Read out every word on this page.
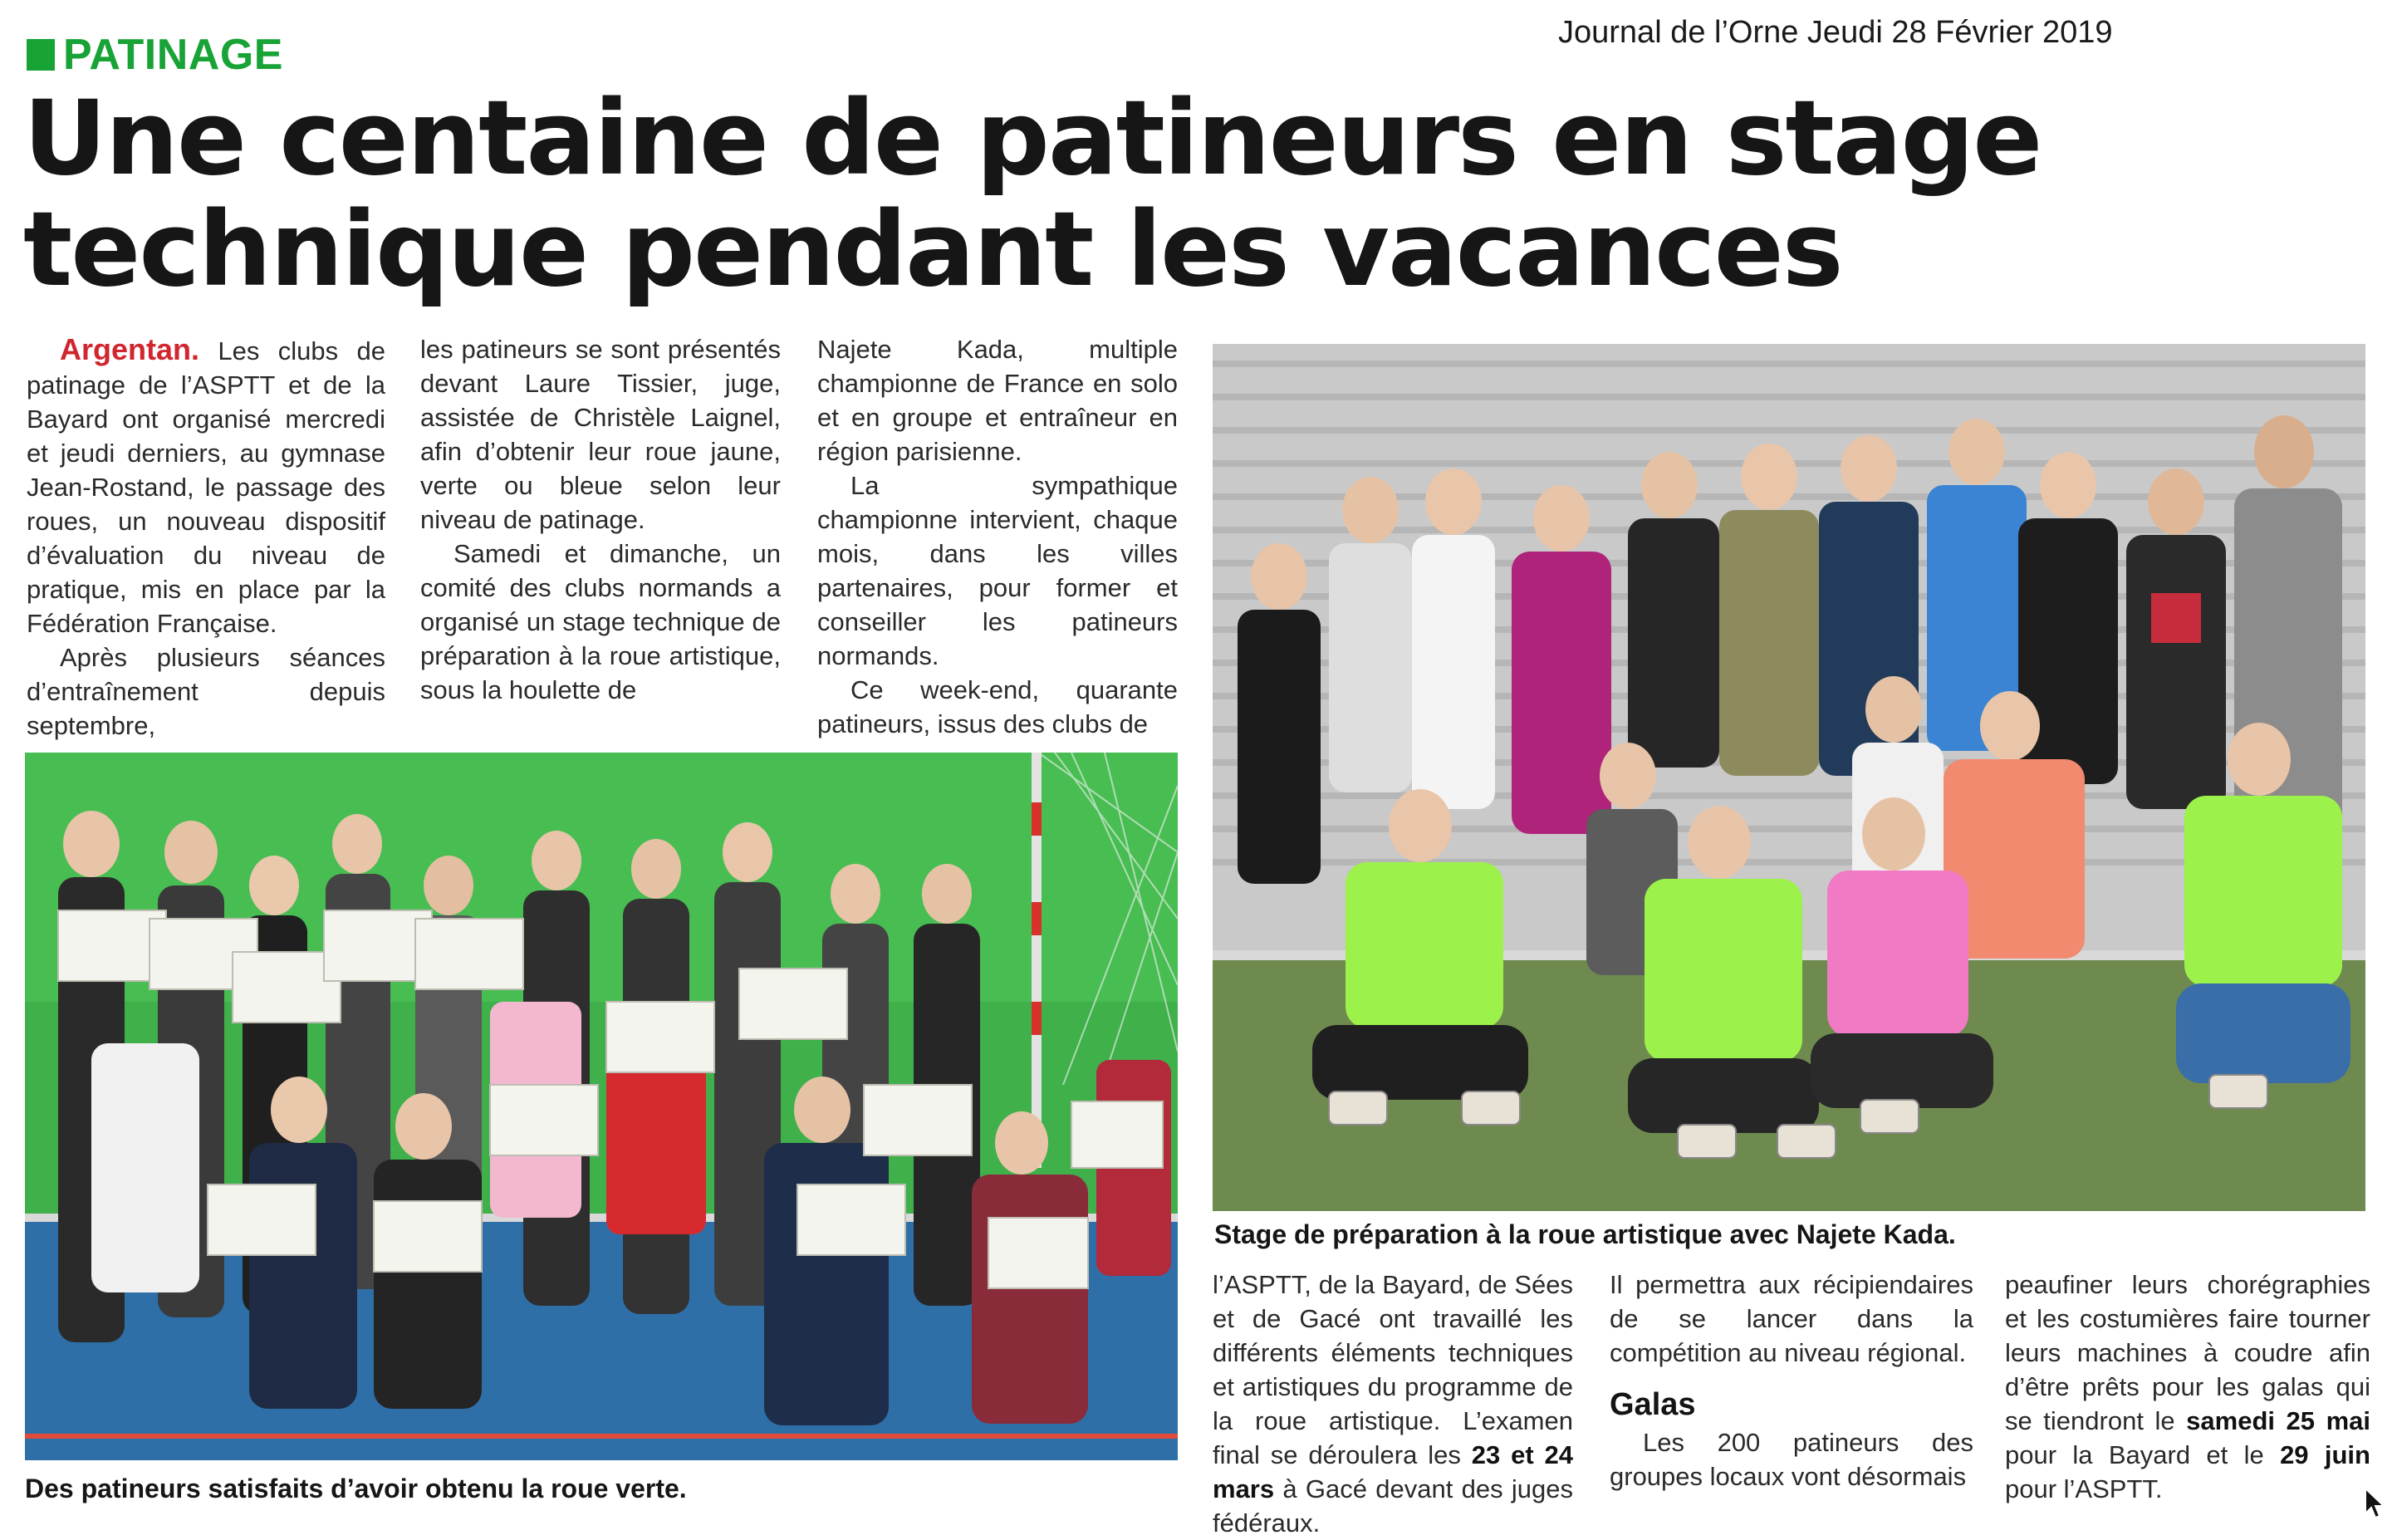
Journal de l’Orne Jeudi 28 Février 2019
PATINAGE
Une centaine de patineurs en stage technique pendant les vacances

Argentan. Les clubs de patinage de l’ASPTT et de la Bayard ont organisé mercredi et jeudi derniers, au gymnase Jean-Rostand, le passage des roues, un nouveau dispositif d’évaluation du niveau de pratique, mis en place par la Fédération Française.

Après plusieurs séances d’entraînement depuis septembre,

les patineurs se sont présentés devant Laure Tissier, juge, assistée de Christèle Laignel, afin d’obtenir leur roue jaune, verte ou bleue selon leur niveau de patinage.

Samedi et dimanche, un comité des clubs normands a organisé un stage technique de préparation à la roue artistique, sous la houlette de

Najete Kada, multiple championne de France en solo et en groupe et entraîneur en région parisienne.

La sympathique championne intervient, chaque mois, dans les villes partenaires, pour former et conseiller les patineurs normands.

Ce week-end, quarante patineurs, issus des clubs de

Des patineurs satisfaits d’avoir obtenu la roue verte.
Stage de préparation à la roue artistique avec Najete Kada.

l’ASPTT, de la Bayard, de Sées et de Gacé ont travaillé les différents éléments techniques et artistiques du programme de la roue artistique. L’examen final se déroulera les 23 et 24 mars à Gacé devant des juges fédéraux.

Il permettra aux récipiendaires de se lancer dans la compétition au niveau régional.

Galas

Les 200 patineurs des groupes locaux vont désormais

peaufiner leurs chorégraphies et les costumières faire tourner leurs machines à coudre afin d’être prêts pour les galas qui se tiendront le samedi 25 mai pour la Bayard et le 29 juin pour l’ASPTT.
